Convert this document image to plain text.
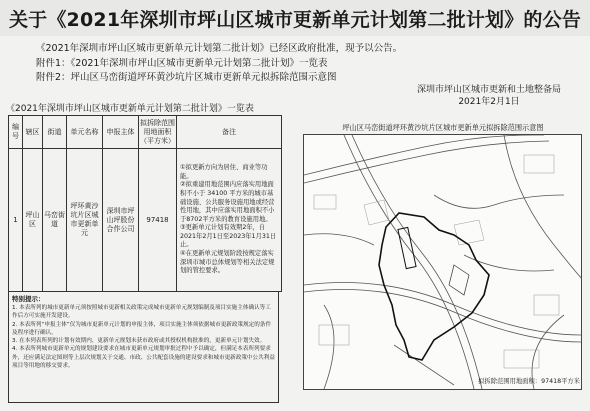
关于《2021年深圳市坪山区城市更新单元计划第二批计划》的公告
《2021年深圳市坪山区城市更新单元计划第二批计划》已经区政府批准，现予以公告。
附件1：《2021年深圳市坪山区城市更新单元计划第二批计划》一览表
附件2：坪山区马峦街道坪环黄沙坑片区城市更新单元拟拆除范围示意图
深圳市坪山区城市更新和土地整备局
2021年2月1日
《2021年深圳市坪山区城市更新单元计划第二批计划》一览表
编号	辖区	街道	单元名称	申报主体	拟拆除范围用地面积（平方米）	备注
1	坪山区	马峦街道	坪环黄沙坑片区城市更新单元	深圳市坪山坪股份合作公司	97418	①拟更新方向为居住、商业等功能。
②拟重建用地范围内应落实用地面积不小于 34100 平方米的城市基础设施、公共服务设施用地或经营性用地，其中应落实用地面积不小于8702平方米的教育设施用地。
③更新单元计划有效期2年，自2021年2月1日至2023年1月31日止。
④在更新单元规划阶段按规定落实深圳市城市总体规划等相关法定规划的管控要求。
特别提示：
1. 本表所列的城市更新单元须按照城市更新相关政策完成城市更新单元规划编制及项目实施主体确认等工作后方可实施开发建设。
2. 本表所列“申报主体”仅为城市更新单元计划的申报主体，项目实施主体须依据城市更新政策规定的条件及程序进行确认。
3. 在本列表所列的计划有效期内，更新单元规划未获市政府或其授权机构批准的，更新单元计划失效。
4. 本表所列城市更新单元的规划建设要求在城市更新单元规划审批过程中予以确定，但满足本表所列要求外，还应满足法定图则等上层次规划关于交通、市政、公共配套设施的建设要求和城市更新政策中公共利益项目等用地的移交要求。
坪山区马峦街道坪环黄沙坑片区城市更新单元拟拆除范围示意图
拟拆除范围用地面积：97418平方米
